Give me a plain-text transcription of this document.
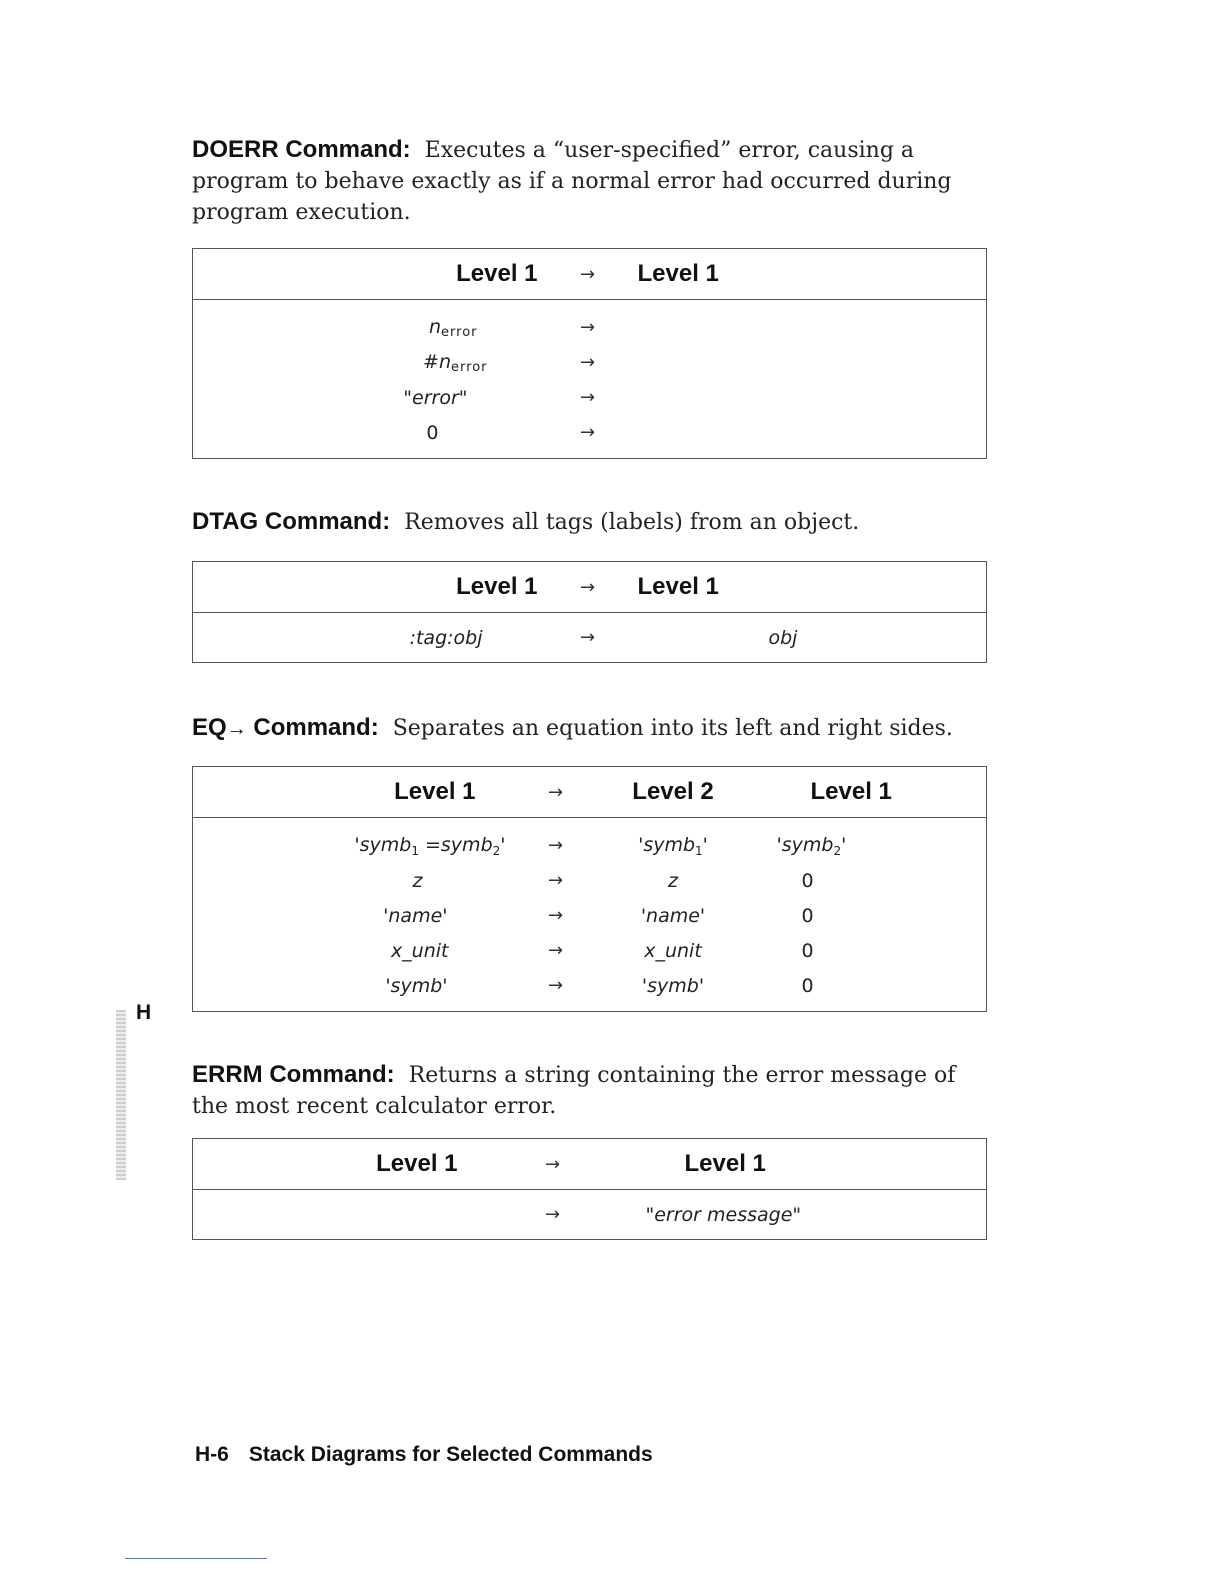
DOERR Command: Executes a “user-specified” error, causing a program to behave exactly as if a normal error had occurred during program execution.

Level 1	→	Level 1
$n_{error}$	→	
$\#n_{error}$	→	
"error"	→	
0	→	

DTAG Command: Removes all tags (labels) from an object.

Level 1	→	Level 1
:tag:obj	→	obj

EQ→ Command: Separates an equation into its left and right sides.

Level 1	→	Level 2	Level 1
'symb$_1$ =symb$_2$'	→	'symb$_1$'	'symb$_2$'
z	→	z	0
'name'	→	'name'	0
x_unit	→	x_unit	0
'symb'	→	'symb'	0

ERRM Command: Returns a string containing the error message of the most recent calculator error.

Level 1	→	Level 1
	→	"error message"
H
H-6 Stack Diagrams for Selected Commands
